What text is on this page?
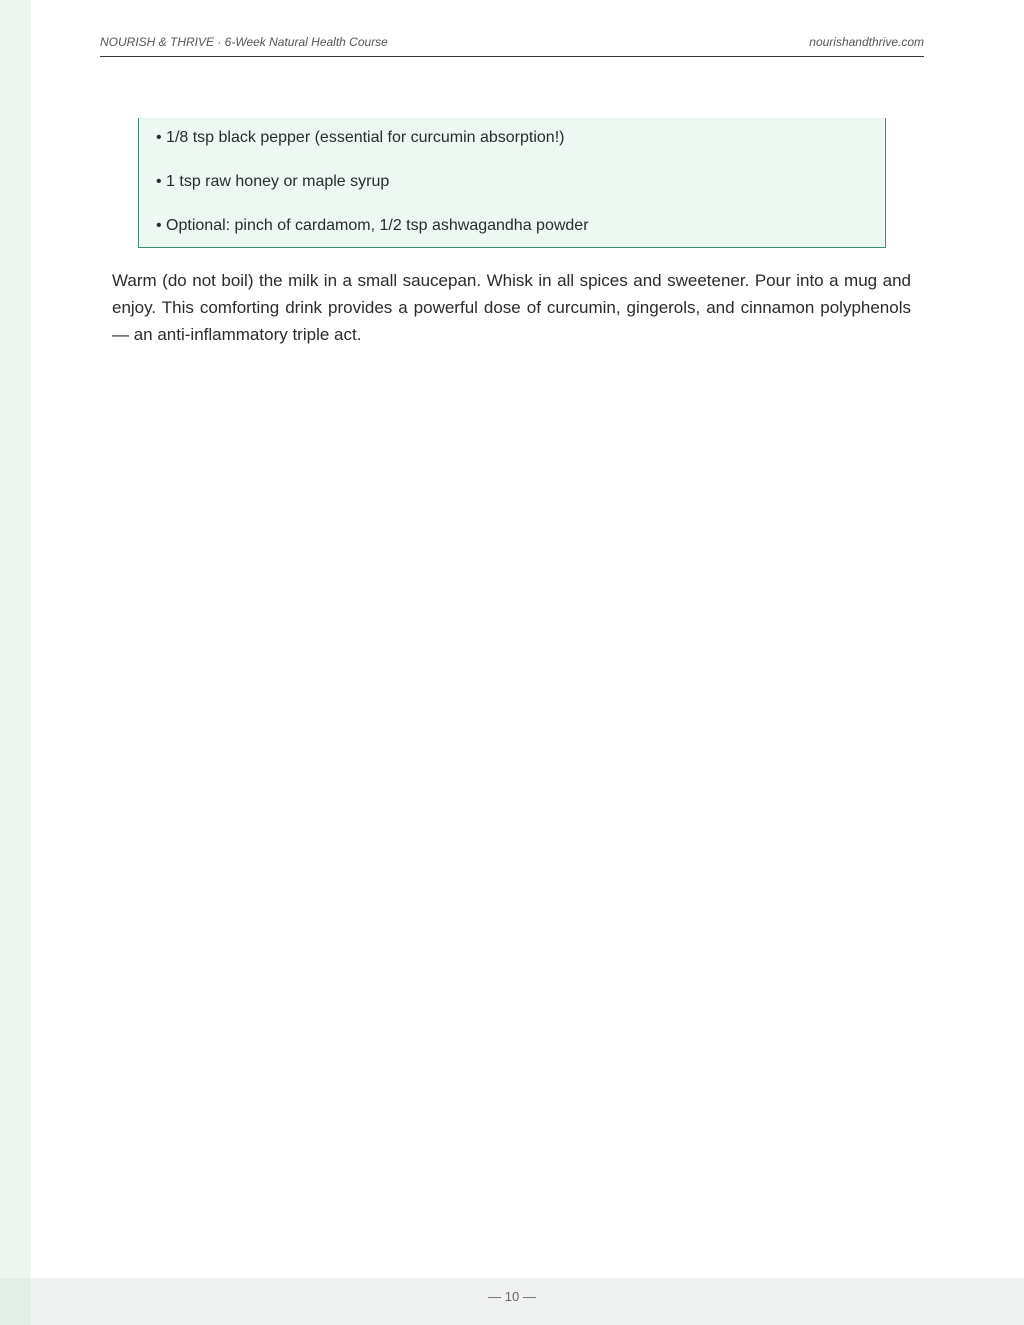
NOURISH & THRIVE · 6-Week Natural Health Course	nourishandthrive.com
• 1/8 tsp black pepper (essential for curcumin absorption!)
• 1 tsp raw honey or maple syrup
• Optional: pinch of cardamom, 1/2 tsp ashwagandha powder

Warm (do not boil) the milk in a small saucepan. Whisk in all spices and sweetener. Pour into a mug and enjoy. This comforting drink provides a powerful dose of curcumin, gingerols, and cinnamon polyphenols — an anti-inflammatory triple act.

— 10 —
